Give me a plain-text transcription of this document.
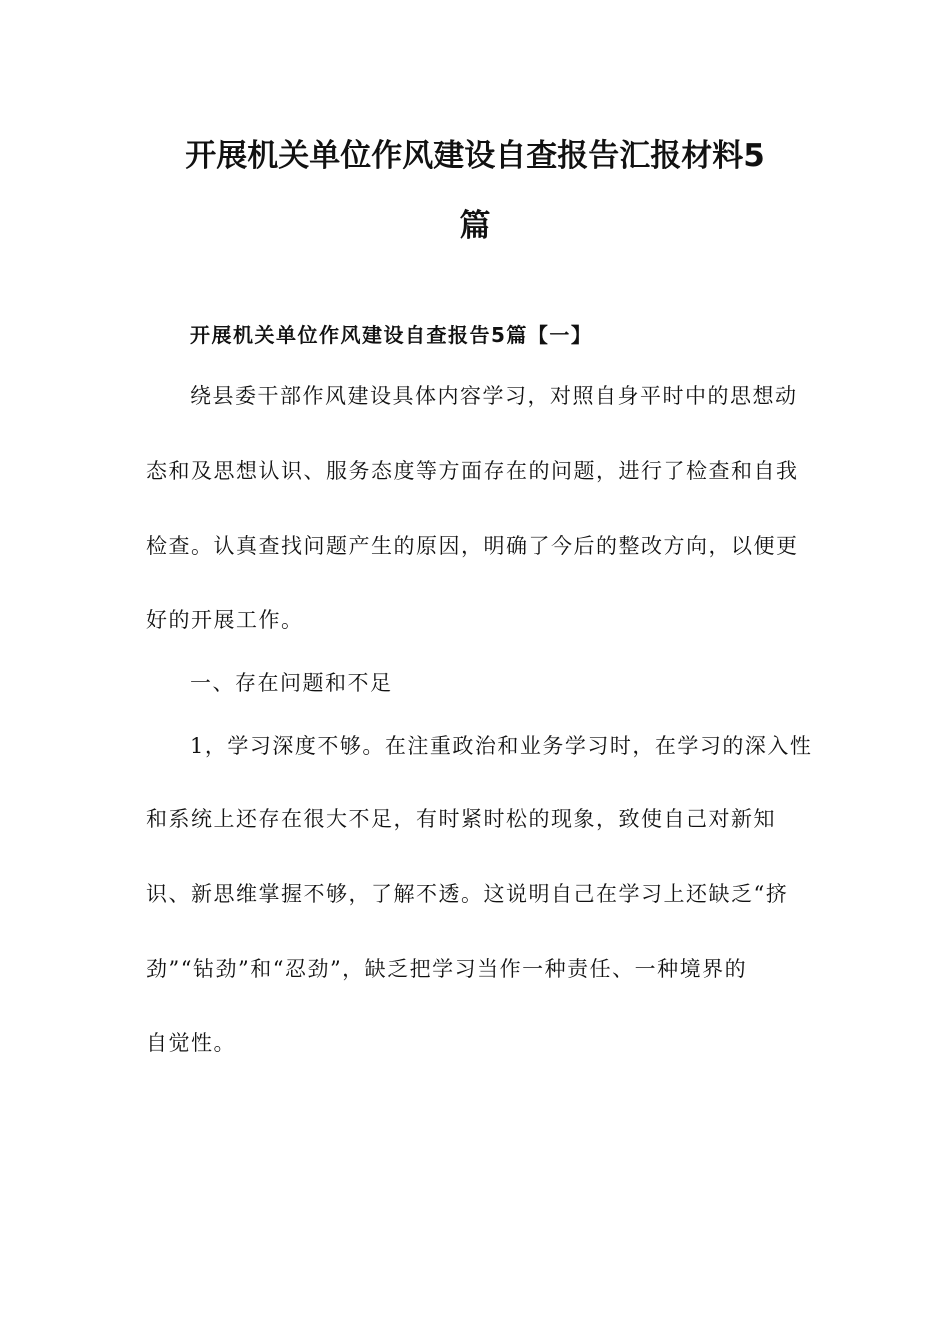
开展机关单位作风建设自查报告汇报材料5
篇
开展机关单位作风建设自查报告5篇【一】
绕县委干部作风建设具体内容学习，对照自身平时中的思想动
态和及思想认识、服务态度等方面存在的问题，进行了检查和自我
检查。认真查找问题产生的原因，明确了今后的整改方向，以便更
好的开展工作。
一、存在问题和不足
1，学习深度不够。在注重政治和业务学习时，在学习的深入性
和系统上还存在很大不足，有时紧时松的现象，致使自己对新知
识、新思维掌握不够，了解不透。这说明自己在学习上还缺乏“挤
劲”“钻劲”和“忍劲”，缺乏把学习当作一种责任、一种境界的
自觉性。
